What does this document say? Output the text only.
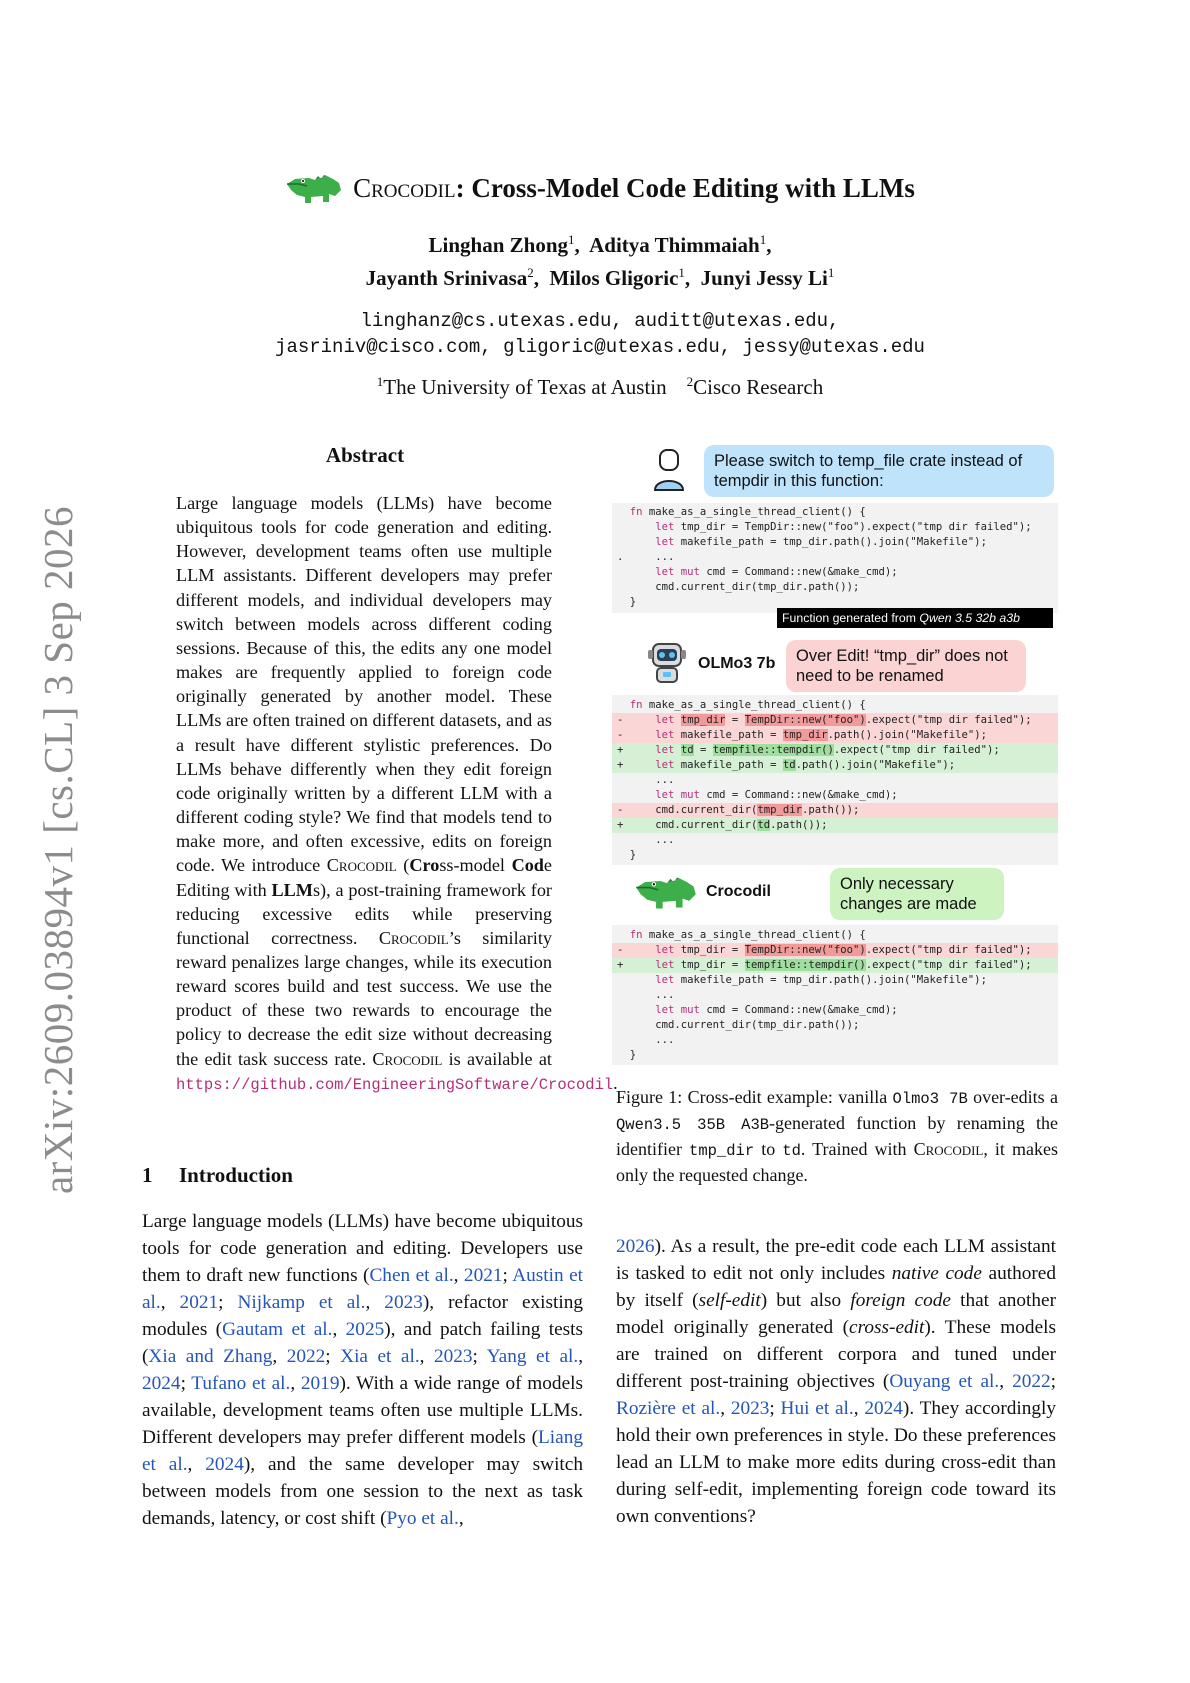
arXiv:2609.03894v1 [cs.CL] 3 Sep 2026
Crocodil: Cross-Model Code Editing with LLMs
Linghan Zhong$^1$,  Aditya Thimmaiah$^1$,
Jayanth Srinivasa$^2$,  Milos Gligoric$^1$,  Junyi Jessy Li$^1$
linghanz@cs.utexas.edu, auditt@utexas.edu,
jasriniv@cisco.com, gligoric@utexas.edu, jessy@utexas.edu
$^1$The University of Texas at Austin $^2$Cisco Research
Abstract
Large language models (LLMs) have become ubiquitous tools for code generation and editing. However, development teams often use multiple LLM assistants. Different developers may prefer different models, and individual developers may switch between models across different coding sessions. Because of this, the edits any one model makes are frequently applied to foreign code originally generated by another model. These LLMs are often trained on different datasets, and as a result have different stylistic preferences. Do LLMs behave differently when they edit foreign code originally written by a different LLM with a different coding style? We find that models tend to make more, and often excessive, edits on foreign code. We introduce Crocodil (Cross-model Code Editing with LLMs), a post-training framework for reducing excessive edits while preserving functional correctness. Crocodil’s similarity reward penalizes large changes, while its execution reward scores build and test success. We use the product of these two rewards to encourage the policy to decrease the edit size without decreasing the edit task success rate. Crocodil is available at https://github.com/EngineeringSoftware/Crocodil.
1 Introduction
Large language models (LLMs) have become ubiquitous tools for code generation and editing. Developers use them to draft new functions (Chen et al., 2021; Austin et al., 2021; Nijkamp et al., 2023), refactor existing modules (Gautam et al., 2025), and patch failing tests (Xia and Zhang, 2022; Xia et al., 2023; Yang et al., 2024; Tufano et al., 2019). With a wide range of models available, development teams often use multiple LLMs. Different developers may prefer different models (Liang et al., 2024), and the same developer may switch between models from one session to the next as task demands, latency, or cost shift (Pyo et al.,
2026). As a result, the pre-edit code each LLM assistant is tasked to edit not only includes native code authored by itself (self-edit) but also foreign code that another model originally generated (cross-edit). These models are trained on different corpora and tuned under different post-training objectives (Ouyang et al., 2022; Rozière et al., 2023; Hui et al., 2024). They accordingly hold their own preferences in style. Do these preferences lead an LLM to make more edits during cross-edit than during self-edit, implementing foreign code toward its own conventions?
Please switch to temp_file crate instead of tempdir in this function:
fn make_as_a_single_thread_client() {
let tmp_dir = TempDir::new("foo").expect("tmp dir failed");
let makefile_path = tmp_dir.path().join("Makefile");
.     ...
let mut cmd = Command::new(&make_cmd);
cmd.current_dir(tmp_dir.path());
}
Function generated from Qwen 3.5 32b a3b
OLMo3 7b	Over Edit! “tmp_dir” does not need to be renamed
fn make_as_a_single_thread_client() {
-     let tmp_dir = TempDir::new("foo").expect("tmp dir failed");
-     let makefile_path = tmp_dir.path().join("Makefile");
+     let td = tempfile::tempdir().expect("tmp dir failed");
+     let makefile_path = td.path().join("Makefile");
...
let mut cmd = Command::new(&make_cmd);
-     cmd.current_dir(tmp_dir.path());
+     cmd.current_dir(td.path());
...
}
Crocodil	Only necessary changes are made
fn make_as_a_single_thread_client() {
-     let tmp_dir = TempDir::new("foo").expect("tmp dir failed");
+     let tmp_dir = tempfile::tempdir().expect("tmp dir failed");
let makefile_path = tmp_dir.path().join("Makefile");
...
let mut cmd = Command::new(&make_cmd);
cmd.current_dir(tmp_dir.path());
...
}
Figure 1: Cross-edit example: vanilla Olmo3 7B over-edits a Qwen3.5 35B A3B-generated function by renaming the identifier tmp_dir to td. Trained with Crocodil, it makes only the requested change.
